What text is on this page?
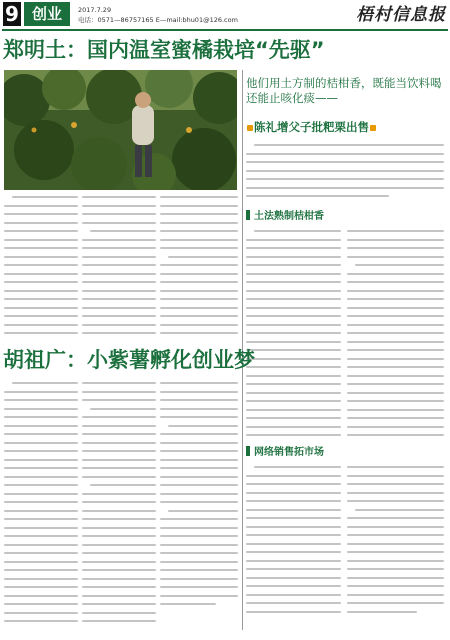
9 创业	2017.7.29
电话：0571—86757165 E—mail:bhu01@126.com	梧村信息报
郑明土：国内温室蜜橘栽培“先驱”
他们用土方制的桔柑香，既能当饮料喝还能止咳化痰——
陈礼增父子批粑栗出售
土法熟制桔柑香
网络销售拓市场
胡祖广：小紫薯孵化创业梦
